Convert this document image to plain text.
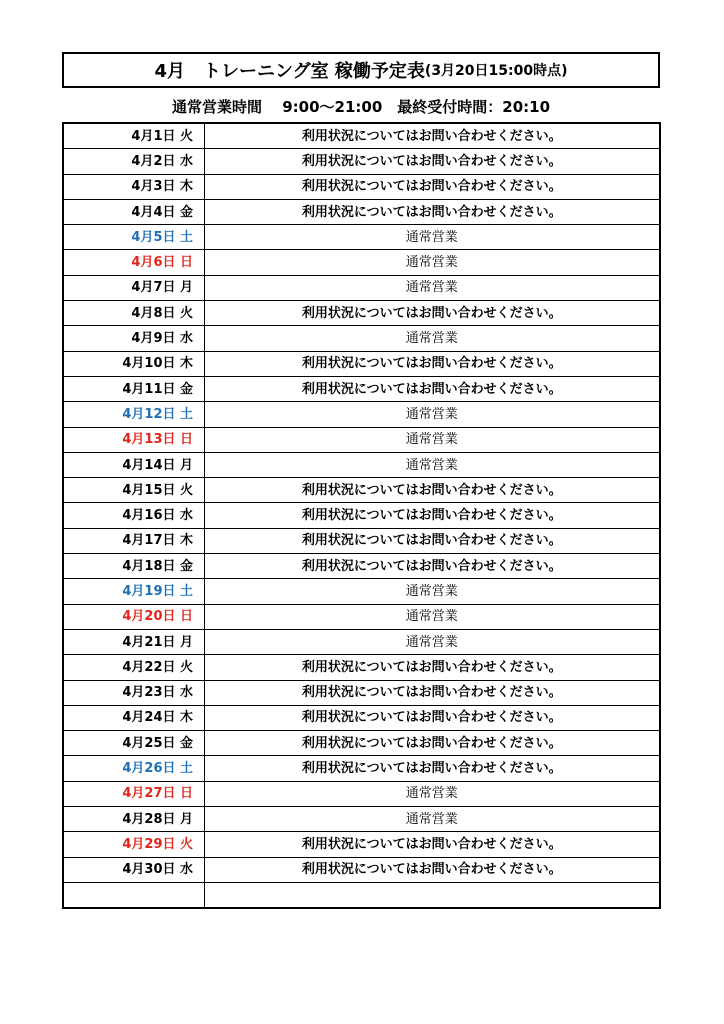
4月　トレーニング室 稼働予定表 (3月20日15:00時点)
通常営業時間　 9:00〜21:00　最終受付時間：20:10
4月1日 火	利用状況についてはお問い合わせください。
4月2日 水	利用状況についてはお問い合わせください。
4月3日 木	利用状況についてはお問い合わせください。
4月4日 金	利用状況についてはお問い合わせください。
4月5日 土	通常営業
4月6日 日	通常営業
4月7日 月	通常営業
4月8日 火	利用状況についてはお問い合わせください。
4月9日 水	通常営業
4月10日 木	利用状況についてはお問い合わせください。
4月11日 金	利用状況についてはお問い合わせください。
4月12日 土	通常営業
4月13日 日	通常営業
4月14日 月	通常営業
4月15日 火	利用状況についてはお問い合わせください。
4月16日 水	利用状況についてはお問い合わせください。
4月17日 木	利用状況についてはお問い合わせください。
4月18日 金	利用状況についてはお問い合わせください。
4月19日 土	通常営業
4月20日 日	通常営業
4月21日 月	通常営業
4月22日 火	利用状況についてはお問い合わせください。
4月23日 水	利用状況についてはお問い合わせください。
4月24日 木	利用状況についてはお問い合わせください。
4月25日 金	利用状況についてはお問い合わせください。
4月26日 土	利用状況についてはお問い合わせください。
4月27日 日	通常営業
4月28日 月	通常営業
4月29日 火	利用状況についてはお問い合わせください。
4月30日 水	利用状況についてはお問い合わせください。
